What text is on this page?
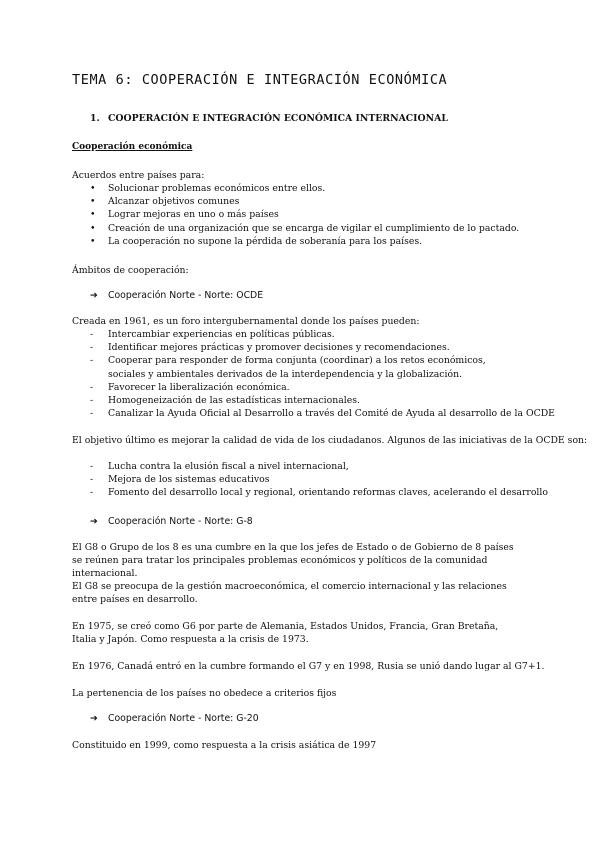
TEMA 6: COOPERACIÓN E INTEGRACIÓN ECONÓMICA
1. COOPERACIÓN E INTEGRACIÓN ECONÓMICA INTERNACIONAL
Cooperación económica
Acuerdos entre países para:
• Solucionar problemas económicos entre ellos.
• Alcanzar objetivos comunes
• Lograr mejoras en uno o más países
• Creación de una organización que se encarga de vigilar el cumplimiento de lo pactado.
• La cooperación no supone la pérdida de soberanía para los países.
Ámbitos de cooperación:
➔ Cooperación Norte - Norte: OCDE
Creada en 1961, es un foro intergubernamental donde los países pueden:
- Intercambiar experiencias en políticas públicas.
- Identificar mejores prácticas y promover decisiones y recomendaciones.
- Cooperar para responder de forma conjunta (coordinar) a los retos económicos, sociales y ambientales derivados de la interdependencia y la globalización.
- Favorecer la liberalización económica.
- Homogeneización de las estadísticas internacionales.
- Canalizar la Ayuda Oficial al Desarrollo a través del Comité de Ayuda al desarrollo de la OCDE
El objetivo último es mejorar la calidad de vida de los ciudadanos. Algunos de las iniciativas de la OCDE son:
- Lucha contra la elusión fiscal a nivel internacional,
- Mejora de los sistemas educativos
- Fomento del desarrollo local y regional, orientando reformas claves, acelerando el desarrollo
➔ Cooperación Norte - Norte: G-8
El G8 o Grupo de los 8 es una cumbre en la que los jefes de Estado o de Gobierno de 8 países se reúnen para tratar los principales problemas económicos y políticos de la comunidad internacional.
El G8 se preocupa de la gestión macroeconómica, el comercio internacional y las relaciones entre países en desarrollo.
En 1975, se creó como G6 por parte de Alemania, Estados Unidos, Francia, Gran Bretaña, Italia y Japón. Como respuesta a la crisis de 1973.
En 1976, Canadá entró en la cumbre formando el G7 y en 1998, Rusia se unió dando lugar al G7+1.
La pertenencia de los países no obedece a criterios fijos
➔ Cooperación Norte - Norte: G-20
Constituido en 1999, como respuesta a la crisis asiática de 1997
